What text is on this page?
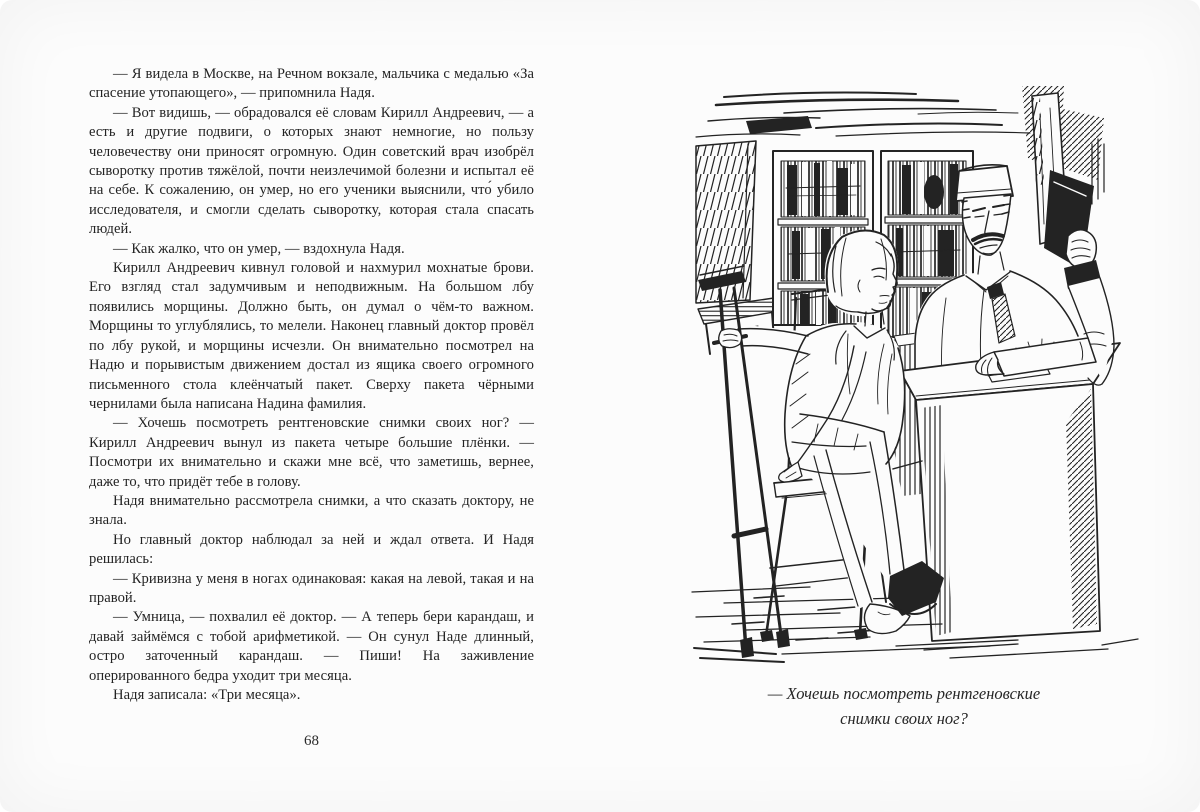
— Я видела в Москве, на Речном вокзале, мальчика с медалью «За спасение утопающего», — припомнила Надя.

— Вот видишь, — обрадовался её словам Кирилл Андреевич, — а есть и другие подвиги, о которых знают немногие, но пользу человечеству они приносят огромную. Один советский врач изобрёл сыворотку против тяжёлой, почти неизлечимой болезни и испытал её на себе. К сожалению, он умер, но его ученики выяснили, что́ убило исследователя, и смогли сделать сыворотку, которая стала спасать людей.

— Как жалко, что он умер, — вздохнула Надя.

Кирилл Андреевич кивнул головой и нахмурил мохнатые брови. Его взгляд стал задумчивым и неподвижным. На большом лбу появились морщины. Должно быть, он думал о чём-то важном. Морщины то углублялись, то мелели. Наконец главный доктор провёл по лбу рукой, и морщины исчезли. Он внимательно посмотрел на Надю и порывистым движением достал из ящика своего огромного письменного стола клеёнчатый пакет. Сверху пакета чёрными чернилами была написана Надина фамилия.

— Хочешь посмотреть рентгеновские снимки своих ног? — Кирилл Андреевич вынул из пакета четыре большие плёнки. — Посмотри их внимательно и скажи мне всё, что заметишь, вернее, даже то, что придёт тебе в голову.

Надя внимательно рассмотрела снимки, а что сказать доктору, не знала.

Но главный доктор наблюдал за ней и ждал ответа. И Надя решилась:

— Кривизна у меня в ногах одинаковая: какая на левой, такая и на правой.

— Умница, — похвалил её доктор. — А теперь бери карандаш, и давай займёмся с тобой арифметикой. — Он сунул Наде длинный, остро заточенный карандаш. — Пиши! На заживление оперированного бедра уходит три месяца.

Надя записала: «Три месяца».

68
— Хочешь посмотреть рентгеновские снимки своих ног?
